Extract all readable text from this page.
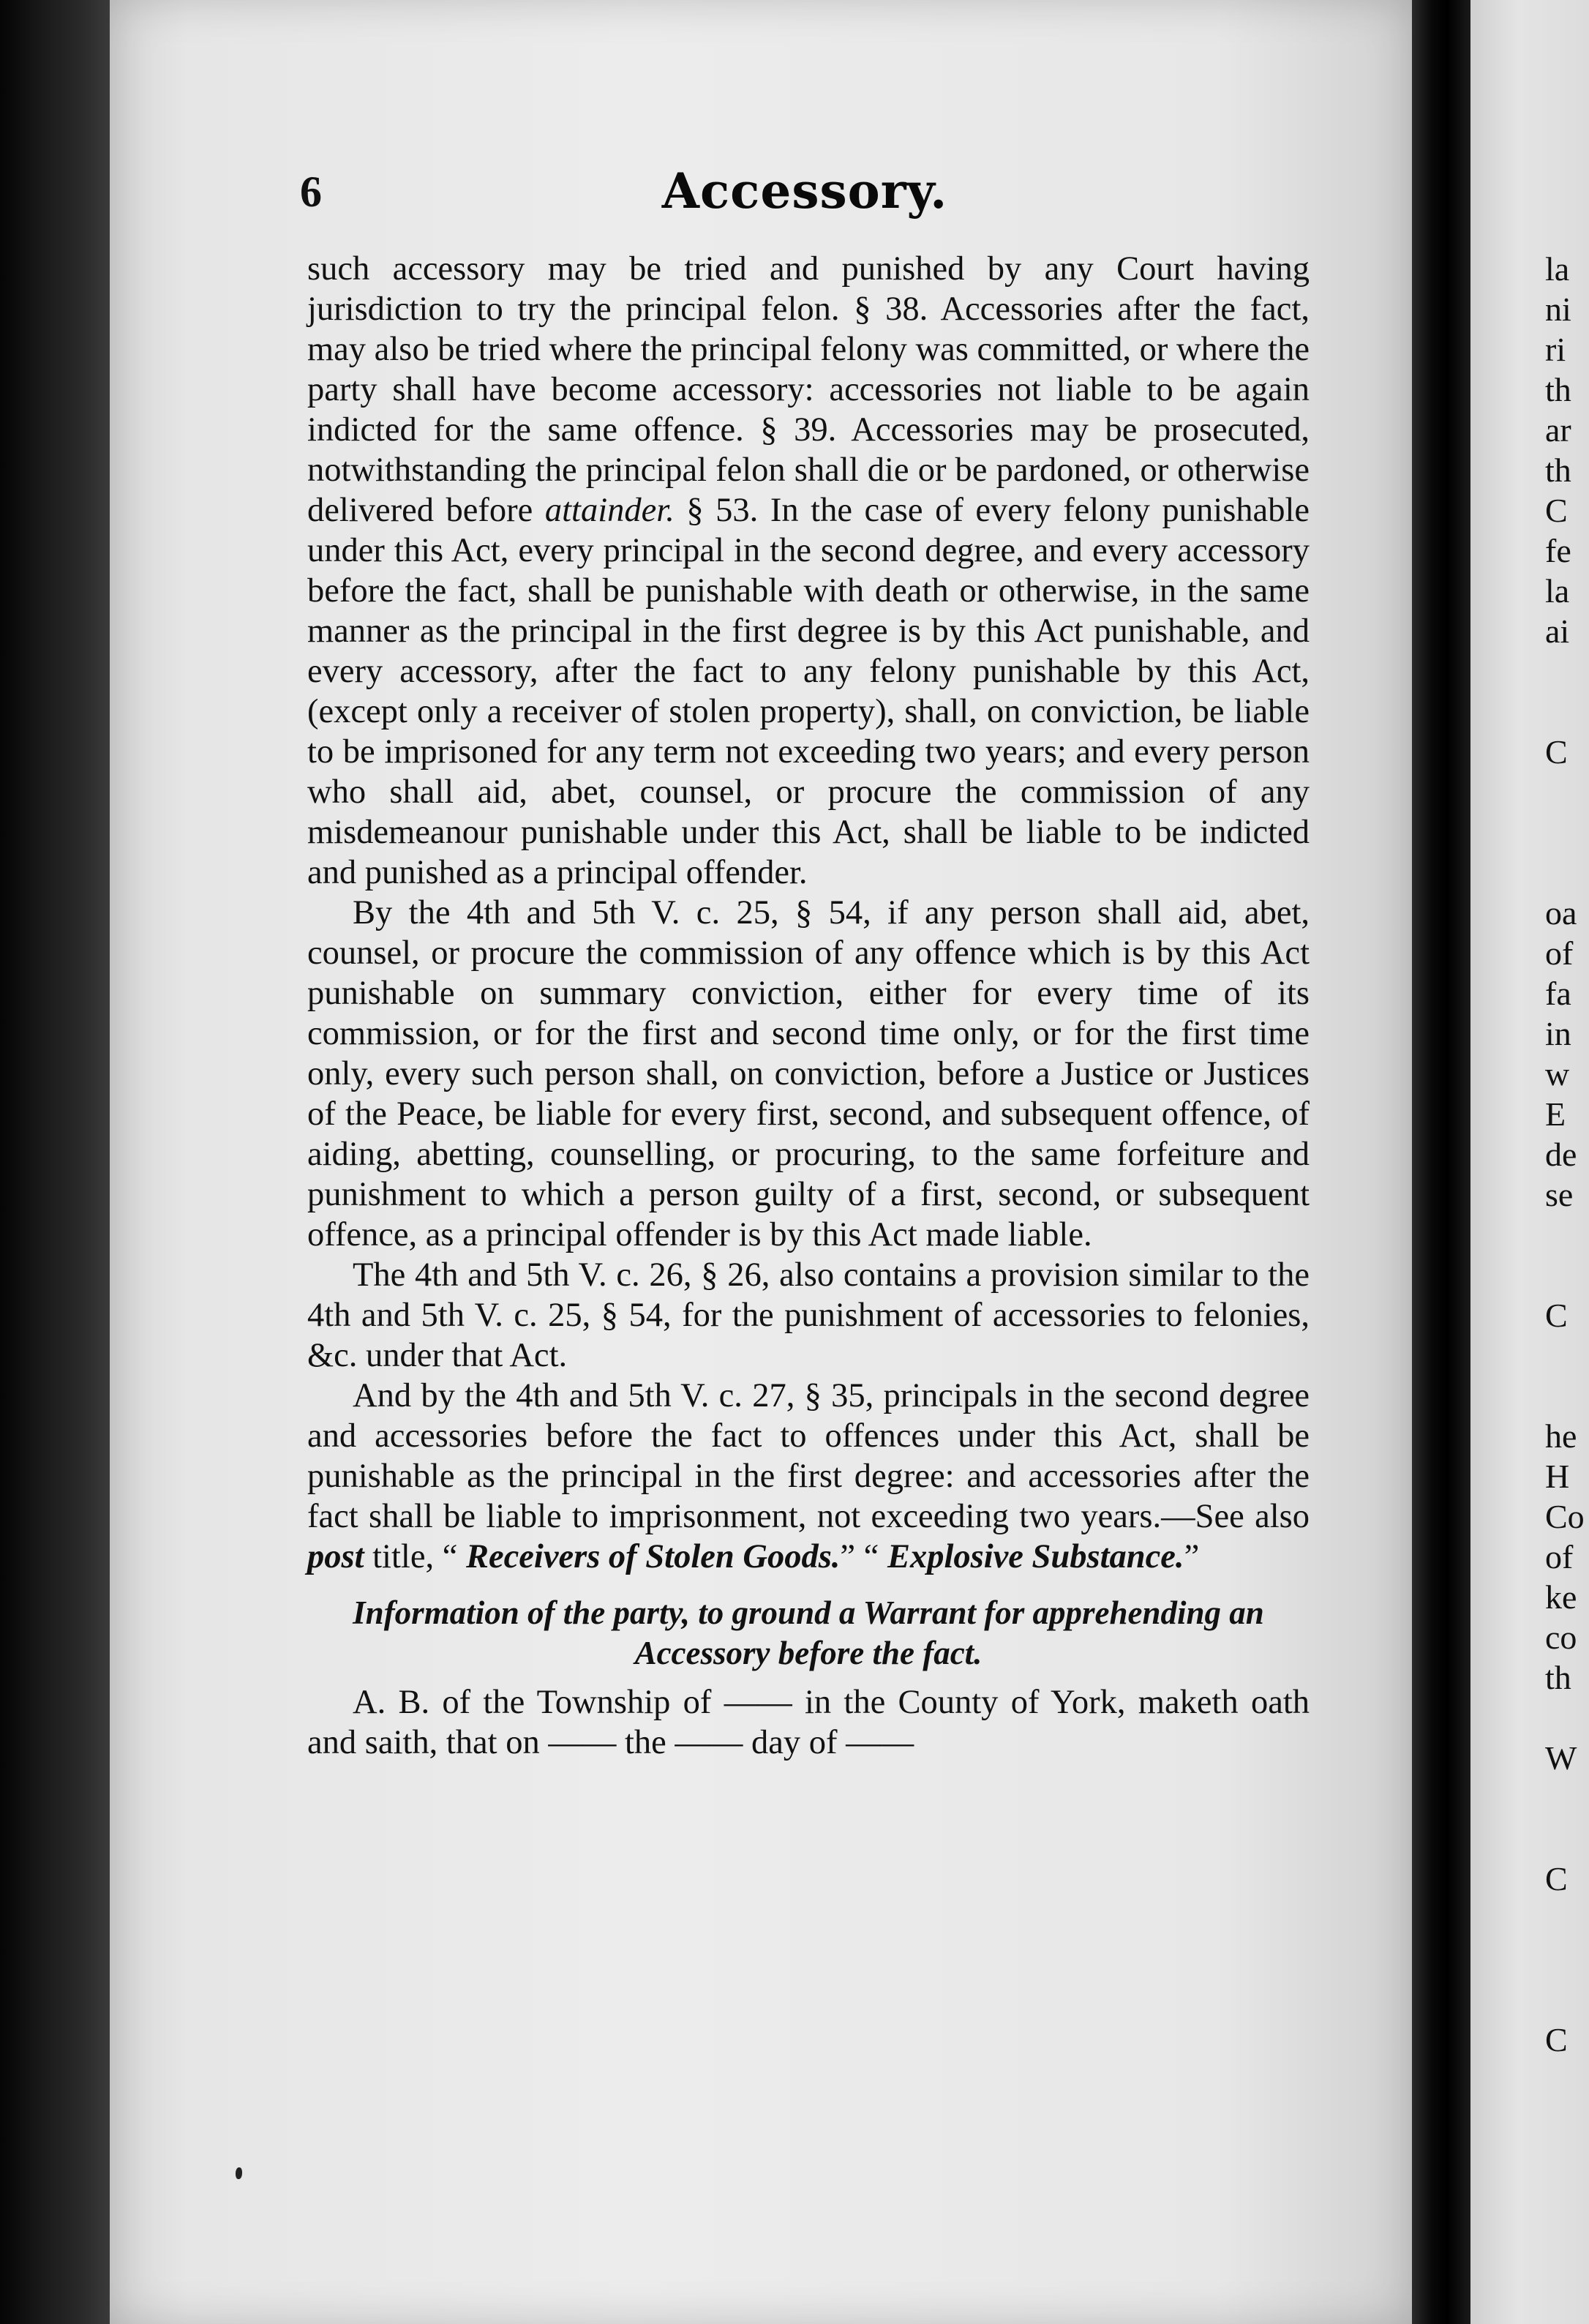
la
ni
ri
th
ar
th
C
fe
la
ai
C
oa
of
fa
in
w
E
de
se
C
he
H
Co
of
ke
co
th
W
C
C
6	Accessory.

such accessory may be tried and punished by any Court having jurisdiction to try the principal felon. § 38. Accessories after the fact, may also be tried where the principal felony was committed, or where the party shall have become accessory: accessories not liable to be again indicted for the same offence. § 39. Accessories may be prosecuted, notwithstanding the principal felon shall die or be pardoned, or otherwise delivered before attainder. § 53. In the case of every felony punishable under this Act, every principal in the second degree, and every accessory before the fact, shall be punishable with death or otherwise, in the same manner as the principal in the first degree is by this Act punishable, and every accessory, after the fact to any felony punishable by this Act, (except only a receiver of stolen property), shall, on conviction, be liable to be imprisoned for any term not exceeding two years; and every person who shall aid, abet, counsel, or procure the commission of any misdemeanour punishable under this Act, shall be liable to be indicted and punished as a principal offender.

By the 4th and 5th V. c. 25, § 54, if any person shall aid, abet, counsel, or procure the commission of any offence which is by this Act punishable on summary conviction, either for every time of its commission, or for the first and second time only, or for the first time only, every such person shall, on conviction, before a Justice or Justices of the Peace, be liable for every first, second, and subsequent offence, of aiding, abetting, counselling, or procuring, to the same forfeiture and punishment to which a person guilty of a first, second, or subsequent offence, as a principal offender is by this Act made liable.

The 4th and 5th V. c. 26, § 26, also contains a provision similar to the 4th and 5th V. c. 25, § 54, for the punishment of accessories to felonies, &c. under that Act.

And by the 4th and 5th V. c. 27, § 35, principals in the second degree and accessories before the fact to offences under this Act, shall be punishable as the principal in the first degree: and accessories after the fact shall be liable to imprisonment, not exceeding two years.—See also post title, “ Receivers of Stolen Goods.” “ Explosive Substance.”

Information of the party, to ground a Warrant for apprehending an Accessory before the fact.

A. B. of the Township of —— in the County of York, maketh oath and saith, that on —— the —— day of ——
